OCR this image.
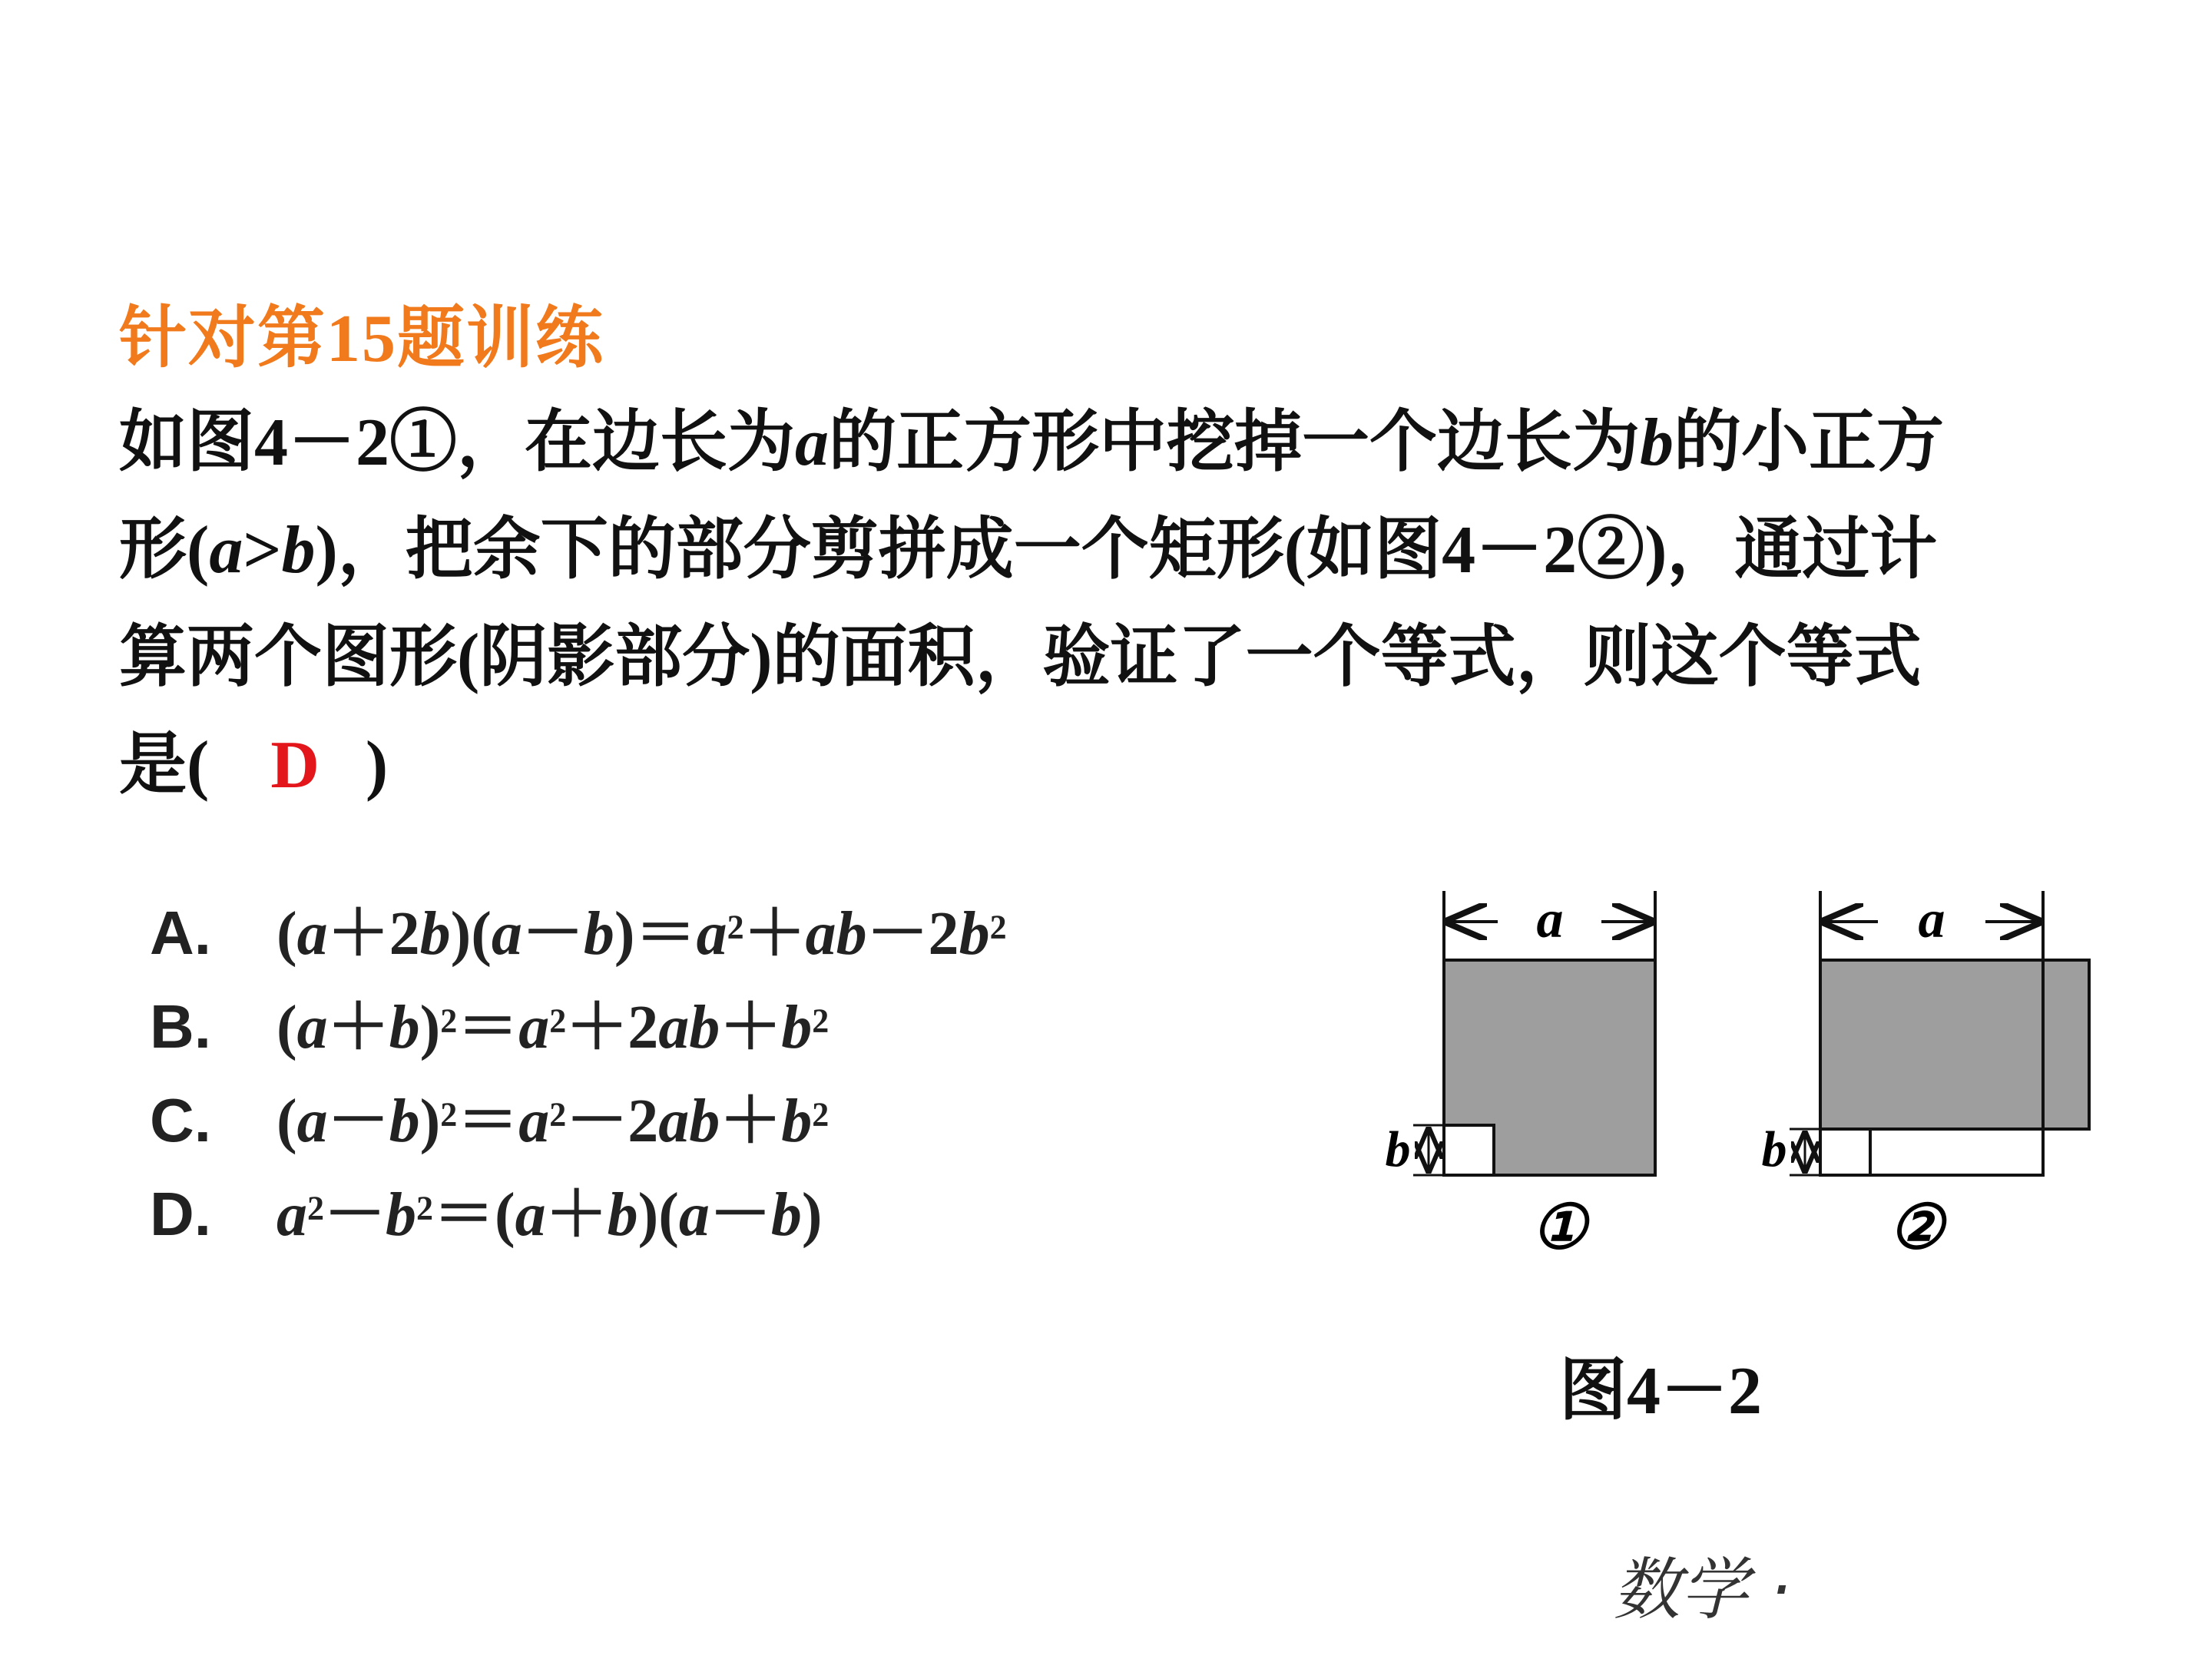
针对第15题训练
如图4－2①，在边长为a的正方形中挖掉一个边长为b的小正方
形(a>b)，把余下的部分剪拼成一个矩形(如图4－2②)，通过计
算两个图形(阴影部分)的面积，验证了一个等式，则这个等式
是( D )
A. $(a+2b)(a-b)=a^2+ab-2b^2$
B. $(a+b)^2=a^2+2ab+b^2$
C. $(a-b)^2=a^2-2ab+b^2$
D. $a^2-b^2=(a+b)(a-b)$
a
b
①
a
b
②
图4－2
数学 ·
